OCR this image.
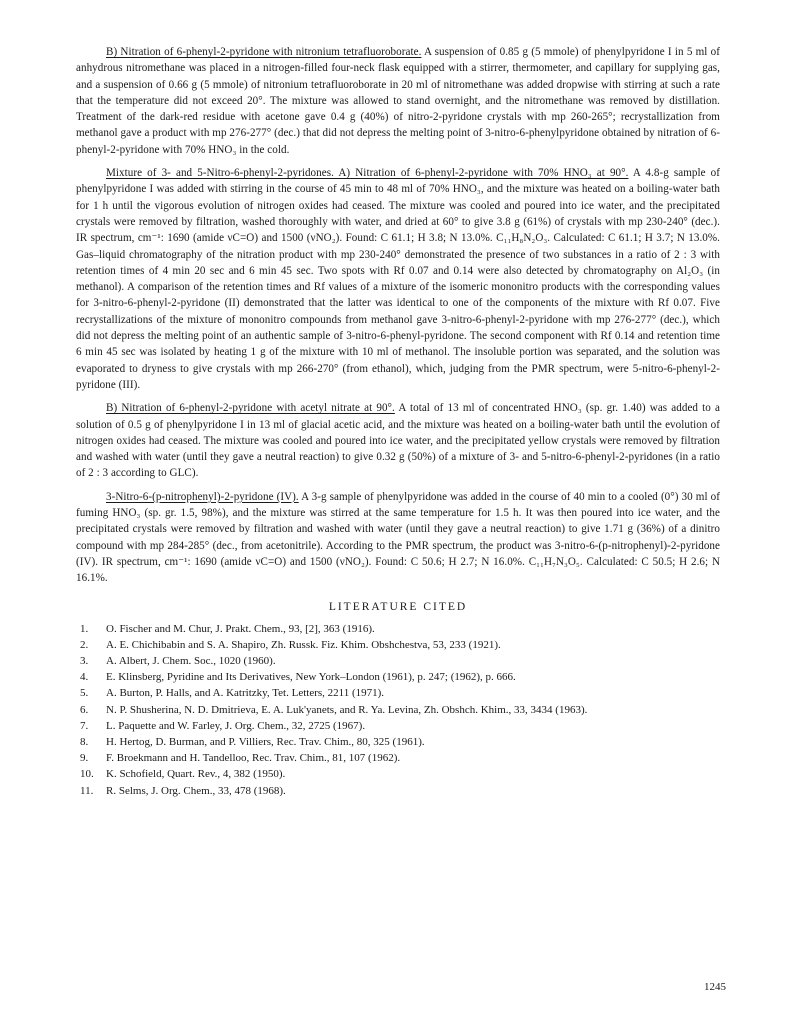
B) Nitration of 6-phenyl-2-pyridone with nitronium tetrafluoroborate. A suspension of 0.85 g (5 mmole) of phenylpyridone I in 5 ml of anhydrous nitromethane was placed in a nitrogen-filled four-neck flask equipped with a stirrer, thermometer, and capillary for supplying gas, and a suspension of 0.66 g (5 mmole) of nitronium tetrafluoroborate in 20 ml of nitromethane was added dropwise with stirring at such a rate that the temperature did not exceed 20°. The mixture was allowed to stand overnight, and the nitromethane was removed by distillation. Treatment of the dark-red residue with acetone gave 0.4 g (40%) of nitro-2-pyridone crystals with mp 260-265°; recrystallization from methanol gave a product with mp 276-277° (dec.) that did not depress the melting point of 3-nitro-6-phenylpyridone obtained by nitration of 6-phenyl-2-pyridone with 70% HNO₃ in the cold.

Mixture of 3- and 5-Nitro-6-phenyl-2-pyridones. A) Nitration of 6-phenyl-2-pyridone with 70% HNO₃ at 90°. A 4.8-g sample of phenylpyridone I was added with stirring in the course of 45 min to 48 ml of 70% HNO₃, and the mixture was heated on a boiling-water bath for 1 h until the vigorous evolution of nitrogen oxides had ceased. The mixture was cooled and poured into ice water, and the precipitated crystals were removed by filtration, washed thoroughly with water, and dried at 60° to give 3.8 g (61%) of crystals with mp 230-240° (dec.). IR spectrum, cm⁻¹: 1690 (amide νC=O) and 1500 (νNO₂). Found: C 61.1; H 3.8; N 13.0%. C₁₁H₈N₂O₃. Calculated: C 61.1; H 3.7; N 13.0%. Gas–liquid chromatography of the nitration product with mp 230-240° demonstrated the presence of two substances in a ratio of 2 : 3 with retention times of 4 min 20 sec and 6 min 45 sec. Two spots with Rf 0.07 and 0.14 were also detected by chromatography on Al₂O₃ (in methanol). A comparison of the retention times and Rf values of a mixture of the isomeric mononitro products with the corresponding values for 3-nitro-6-phenyl-2-pyridone (II) demonstrated that the latter was identical to one of the components of the mixture with Rf 0.07. Five recrystallizations of the mixture of mononitro compounds from methanol gave 3-nitro-6-phenyl-2-pyridone with mp 276-277° (dec.), which did not depress the melting point of an authentic sample of 3-nitro-6-phenyl-pyridone. The second component with Rf 0.14 and retention time 6 min 45 sec was isolated by heating 1 g of the mixture with 10 ml of methanol. The insoluble portion was separated, and the solution was evaporated to dryness to give crystals with mp 266-270° (from ethanol), which, judging from the PMR spectrum, were 5-nitro-6-phenyl-2-pyridone (III).

B) Nitration of 6-phenyl-2-pyridone with acetyl nitrate at 90°. A total of 13 ml of concentrated HNO₃ (sp. gr. 1.40) was added to a solution of 0.5 g of phenylpyridone I in 13 ml of glacial acetic acid, and the mixture was heated on a boiling-water bath until the evolution of nitrogen oxides had ceased. The mixture was cooled and poured into ice water, and the precipitated yellow crystals were removed by filtration and washed with water (until they gave a neutral reaction) to give 0.32 g (50%) of a mixture of 3- and 5-nitro-6-phenyl-2-pyridones (in a ratio of 2 : 3 according to GLC).

3-Nitro-6-(p-nitrophenyl)-2-pyridone (IV). A 3-g sample of phenylpyridone was added in the course of 40 min to a cooled (0°) 30 ml of fuming HNO₃ (sp. gr. 1.5, 98%), and the mixture was stirred at the same temperature for 1.5 h. It was then poured into ice water, and the precipitated crystals were removed by filtration and washed with water (until they gave a neutral reaction) to give 1.71 g (36%) of a dinitro compound with mp 284-285° (dec., from acetonitrile). According to the PMR spectrum, the product was 3-nitro-6-(p-nitrophenyl)-2-pyridone (IV). IR spectrum, cm⁻¹: 1690 (amide νC=O) and 1500 (νNO₂). Found: C 50.6; H 2.7; N 16.0%. C₁₁H₇N₃O₅. Calculated: C 50.5; H 2.6; N 16.1%.

LITERATURE CITED
1.	O. Fischer and M. Chur, J. Prakt. Chem., 93, [2], 363 (1916).
2.	A. E. Chichibabin and S. A. Shapiro, Zh. Russk. Fiz. Khim. Obshchestva, 53, 233 (1921).
3.	A. Albert, J. Chem. Soc., 1020 (1960).
4.	E. Klinsberg, Pyridine and Its Derivatives, New York–London (1961), p. 247; (1962), p. 666.
5.	A. Burton, P. Halls, and A. Katritzky, Tet. Letters, 2211 (1971).
6.	N. P. Shusherina, N. D. Dmitrieva, E. A. Luk'yanets, and R. Ya. Levina, Zh. Obshch. Khim., 33, 3434 (1963).
7.	L. Paquette and W. Farley, J. Org. Chem., 32, 2725 (1967).
8.	H. Hertog, D. Burman, and P. Villiers, Rec. Trav. Chim., 80, 325 (1961).
9.	F. Broekmann and H. Tandelloo, Rec. Trav. Chim., 81, 107 (1962).
10.	K. Schofield, Quart. Rev., 4, 382 (1950).
11.	R. Selms, J. Org. Chem., 33, 478 (1968).
1245
